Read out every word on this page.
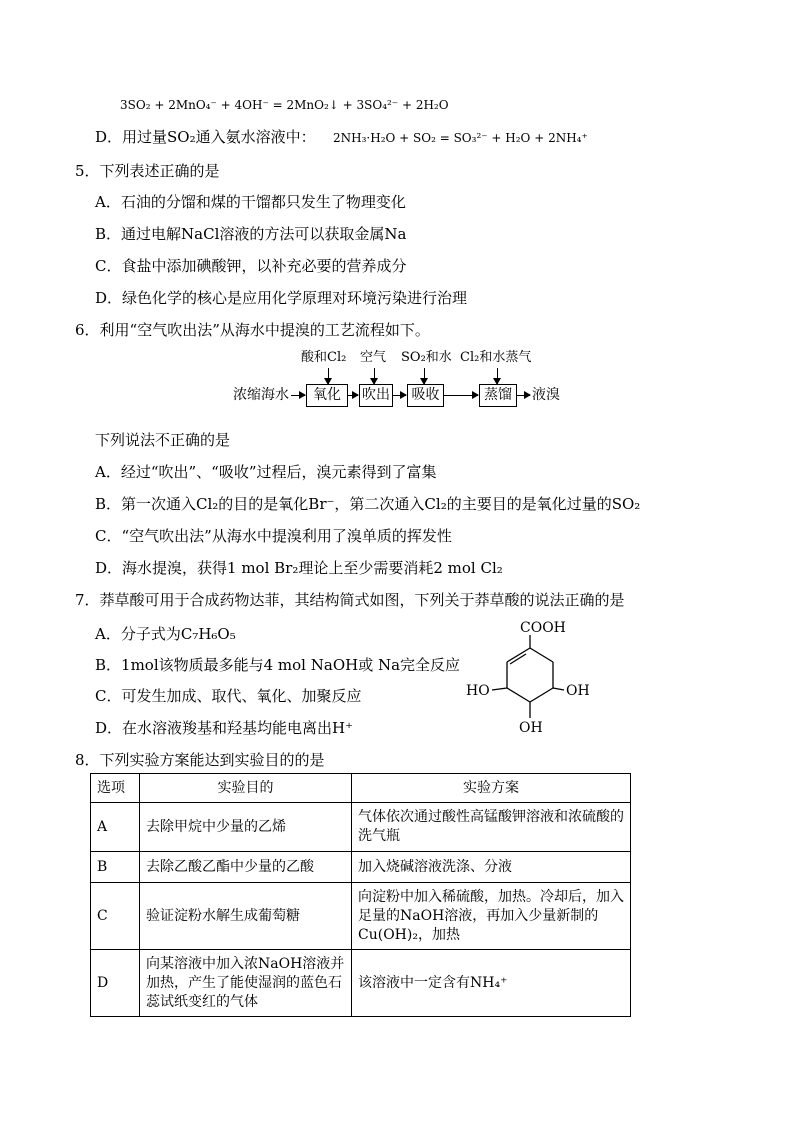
3SO₂ + 2MnO₄⁻ + 4OH⁻ = 2MnO₂↓ + 3SO₄²⁻ + 2H₂O
D．用过量SO₂通入氨水溶液中： 2NH₃·H₂O + SO₂ = SO₃²⁻ + H₂O + 2NH₄⁺
5．下列表述正确的是
A．石油的分馏和煤的干馏都只发生了物理变化
B．通过电解NaCl溶液的方法可以获取金属Na
C．食盐中添加碘酸钾，以补充必要的营养成分
D．绿色化学的核心是应用化学原理对环境污染进行治理
6．利用“空气吹出法”从海水中提溴的工艺流程如下。
酸和Cl₂ 空气 SO₂和水 Cl₂和水蒸气
浓缩海水	氧化	吹出	吸收	蒸馏	液溴
下列说法不正确的是
A．经过“吹出”、“吸收”过程后，溴元素得到了富集
B．第一次通入Cl₂的目的是氧化Br⁻，第二次通入Cl₂的主要目的是氧化过量的SO₂
C．“空气吹出法”从海水中提溴利用了溴单质的挥发性
D．海水提溴，获得1 mol Br₂理论上至少需要消耗2 mol Cl₂
7．莽草酸可用于合成药物达菲，其结构简式如图，下列关于莽草酸的说法正确的是
A．分子式为C₇H₆O₅
B．1mol该物质最多能与4 mol NaOH或 Na完全反应
C．可发生加成、取代、氧化、加聚反应
D．在水溶液羧基和羟基均能电离出H⁺
COOH
HO	OH
OH
8．下列实验方案能达到实验目的的是
选项	实验目的	实验方案
A	去除甲烷中少量的乙烯	气体依次通过酸性高锰酸钾溶液和浓硫酸的洗气瓶
B	去除乙酸乙酯中少量的乙酸	加入烧碱溶液洗涤、分液
C	验证淀粉水解生成葡萄糖	向淀粉中加入稀硫酸，加热。冷却后，加入足量的NaOH溶液，再加入少量新制的Cu(OH)₂，加热
D	向某溶液中加入浓NaOH溶液并加热，产生了能使湿润的蓝色石蕊试纸变红的气体	该溶液中一定含有NH₄⁺
